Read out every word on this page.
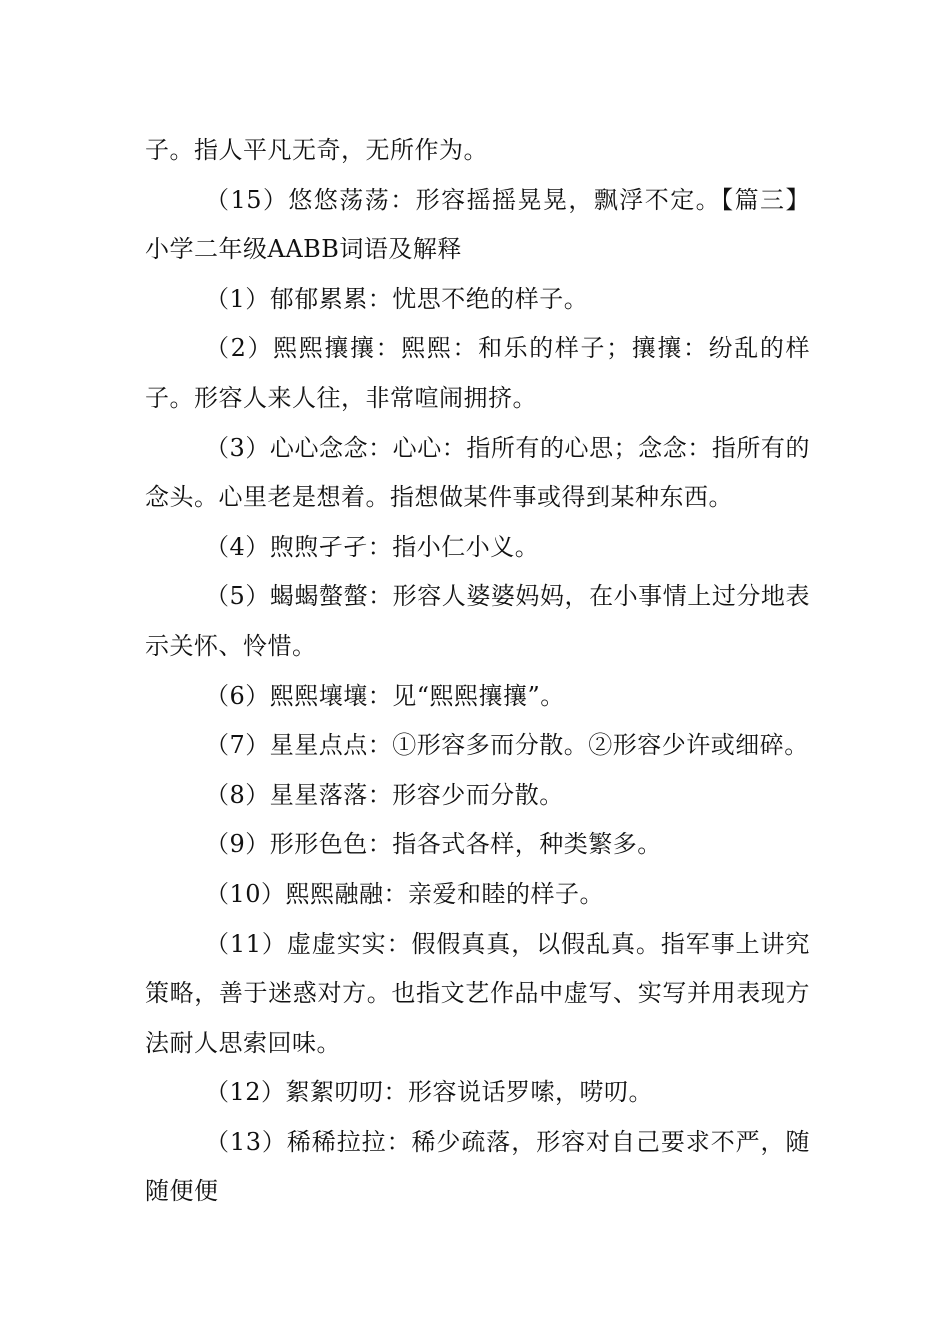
子。指人平凡无奇，无所作为。

（15）悠悠荡荡：形容摇摇晃晃，飘浮不定。【篇三】小学二年级AABB词语及解释

（1）郁郁累累：忧思不绝的样子。

（2）熙熙攘攘：熙熙：和乐的样子；攘攘：纷乱的样子。形容人来人往，非常喧闹拥挤。

（3）心心念念：心心：指所有的心思；念念：指所有的念头。心里老是想着。指想做某件事或得到某种东西。

（4）煦煦孑孑：指小仁小义。

（5）蝎蝎螫螫：形容人婆婆妈妈，在小事情上过分地表示关怀、怜惜。

（6）熙熙壤壤：见“熙熙攘攘”。

（7）星星点点：①形容多而分散。②形容少许或细碎。

（8）星星落落：形容少而分散。

（9）形形色色：指各式各样，种类繁多。

（10）熙熙融融：亲爱和睦的样子。

（11）虚虚实实：假假真真，以假乱真。指军事上讲究策略，善于迷惑对方。也指文艺作品中虚写、实写并用表现方法耐人思索回味。

（12）絮絮叨叨：形容说话罗嗦，唠叨。

（13）稀稀拉拉：稀少疏落，形容对自己要求不严，随随便便
